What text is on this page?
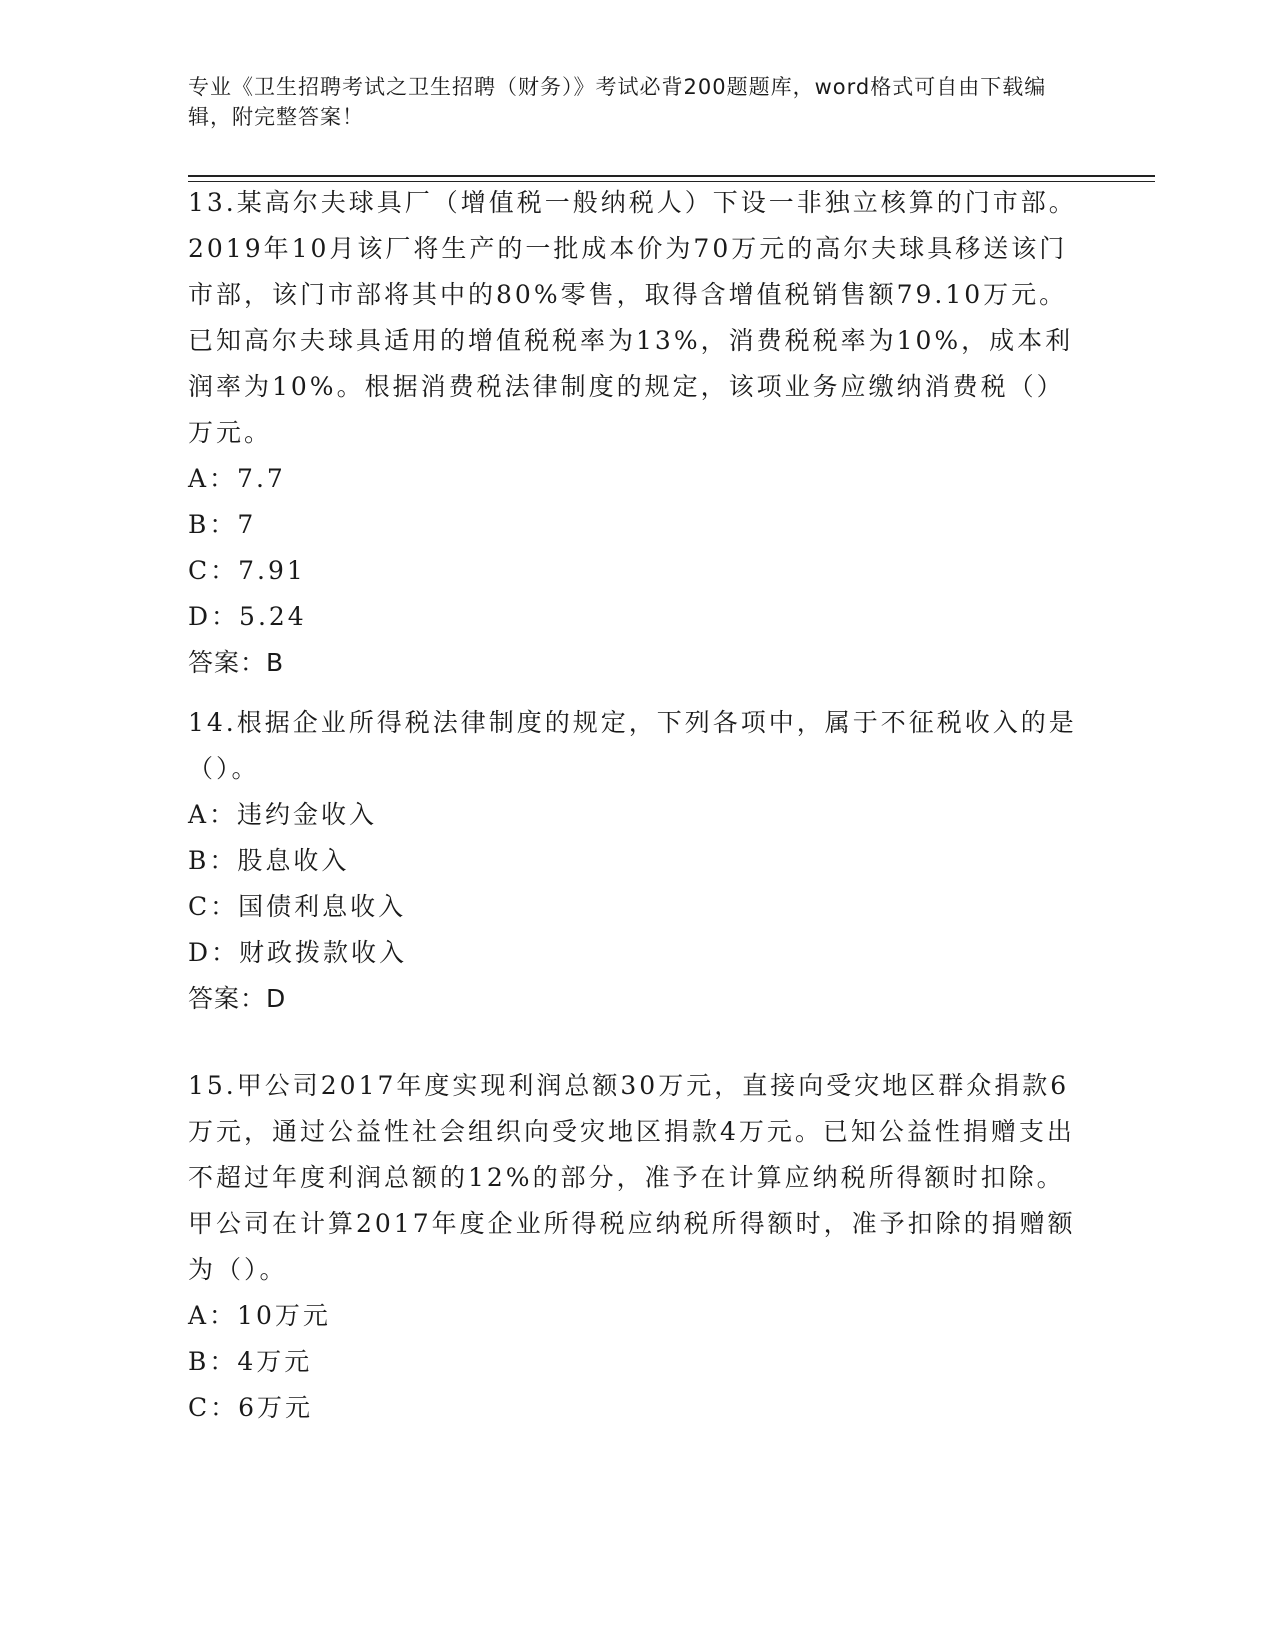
专业《卫生招聘考试之卫生招聘（财务）》考试必背200题题库，word格式可自由下载编辑，附完整答案！

13.某高尔夫球具厂（增值税一般纳税人）下设一非独立核算的门市部。2019年10月该厂将生产的一批成本价为70万元的高尔夫球具移送该门市部，该门市部将其中的80%零售，取得含增值税销售额79.10万元。已知高尔夫球具适用的增值税税率为13%，消费税税率为10%，成本利润率为10%。根据消费税法律制度的规定，该项业务应缴纳消费税（）万元。

A：7.7

B：7

C：7.91

D：5.24

答案：B

14.根据企业所得税法律制度的规定，下列各项中，属于不征税收入的是（）。

A：违约金收入

B：股息收入

C：国债利息收入

D：财政拨款收入

答案：D

15.甲公司2017年度实现利润总额30万元，直接向受灾地区群众捐款6万元，通过公益性社会组织向受灾地区捐款4万元。已知公益性捐赠支出不超过年度利润总额的12%的部分，准予在计算应纳税所得额时扣除。甲公司在计算2017年度企业所得税应纳税所得额时，准予扣除的捐赠额为（）。

A：10万元

B：4万元

C：6万元
